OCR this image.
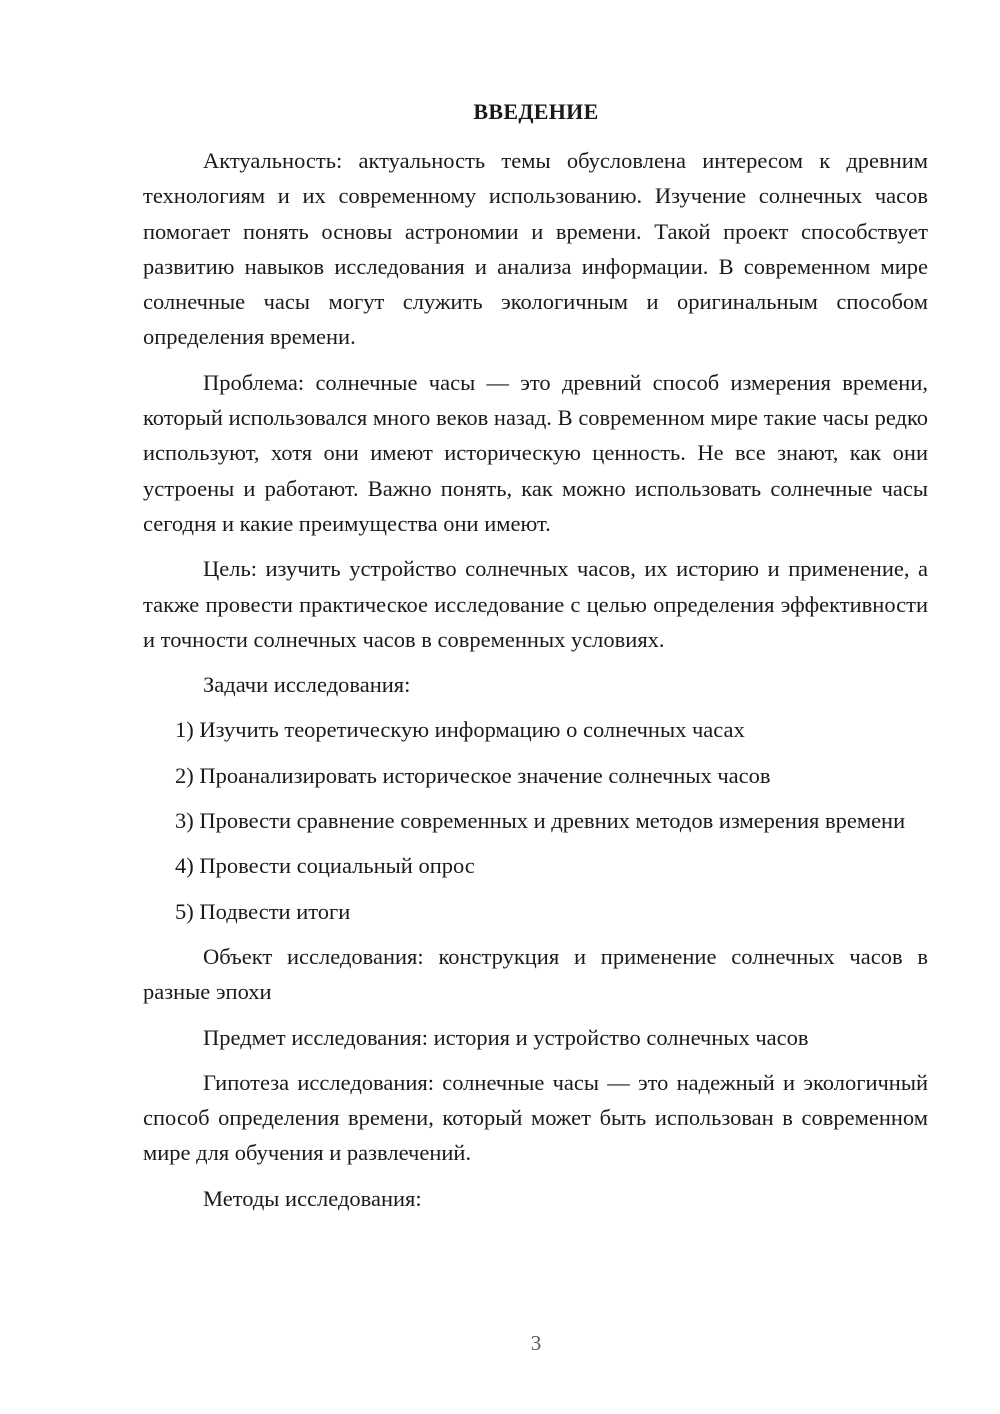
ВВЕДЕНИЕ

Актуальность: актуальность темы обусловлена интересом к древним технологиям и их современному использованию. Изучение солнечных часов помогает понять основы астрономии и времени. Такой проект способствует развитию навыков исследования и анализа информации. В современном мире солнечные часы могут служить экологичным и оригинальным способом определения времени.

Проблема: солнечные часы — это древний способ измерения времени, который использовался много веков назад. В современном мире такие часы редко используют, хотя они имеют историческую ценность. Не все знают, как они устроены и работают. Важно понять, как можно использовать солнечные часы сегодня и какие преимущества они имеют.

Цель: изучить устройство солнечных часов, их историю и применение, а также провести практическое исследование с целью определения эффективности и точности солнечных часов в современных условиях.

Задачи исследования:

1) Изучить теоретическую информацию о солнечных часах

2) Проанализировать историческое значение солнечных часов

3) Провести сравнение современных и древних методов измерения времени

4) Провести социальный опрос

5) Подвести итоги

Объект исследования: конструкция и применение солнечных часов в разные эпохи

Предмет исследования: история и устройство солнечных часов

Гипотеза исследования: солнечные часы — это надежный и экологичный способ определения времени, который может быть использован в современном мире для обучения и развлечений.

Методы исследования:

3
